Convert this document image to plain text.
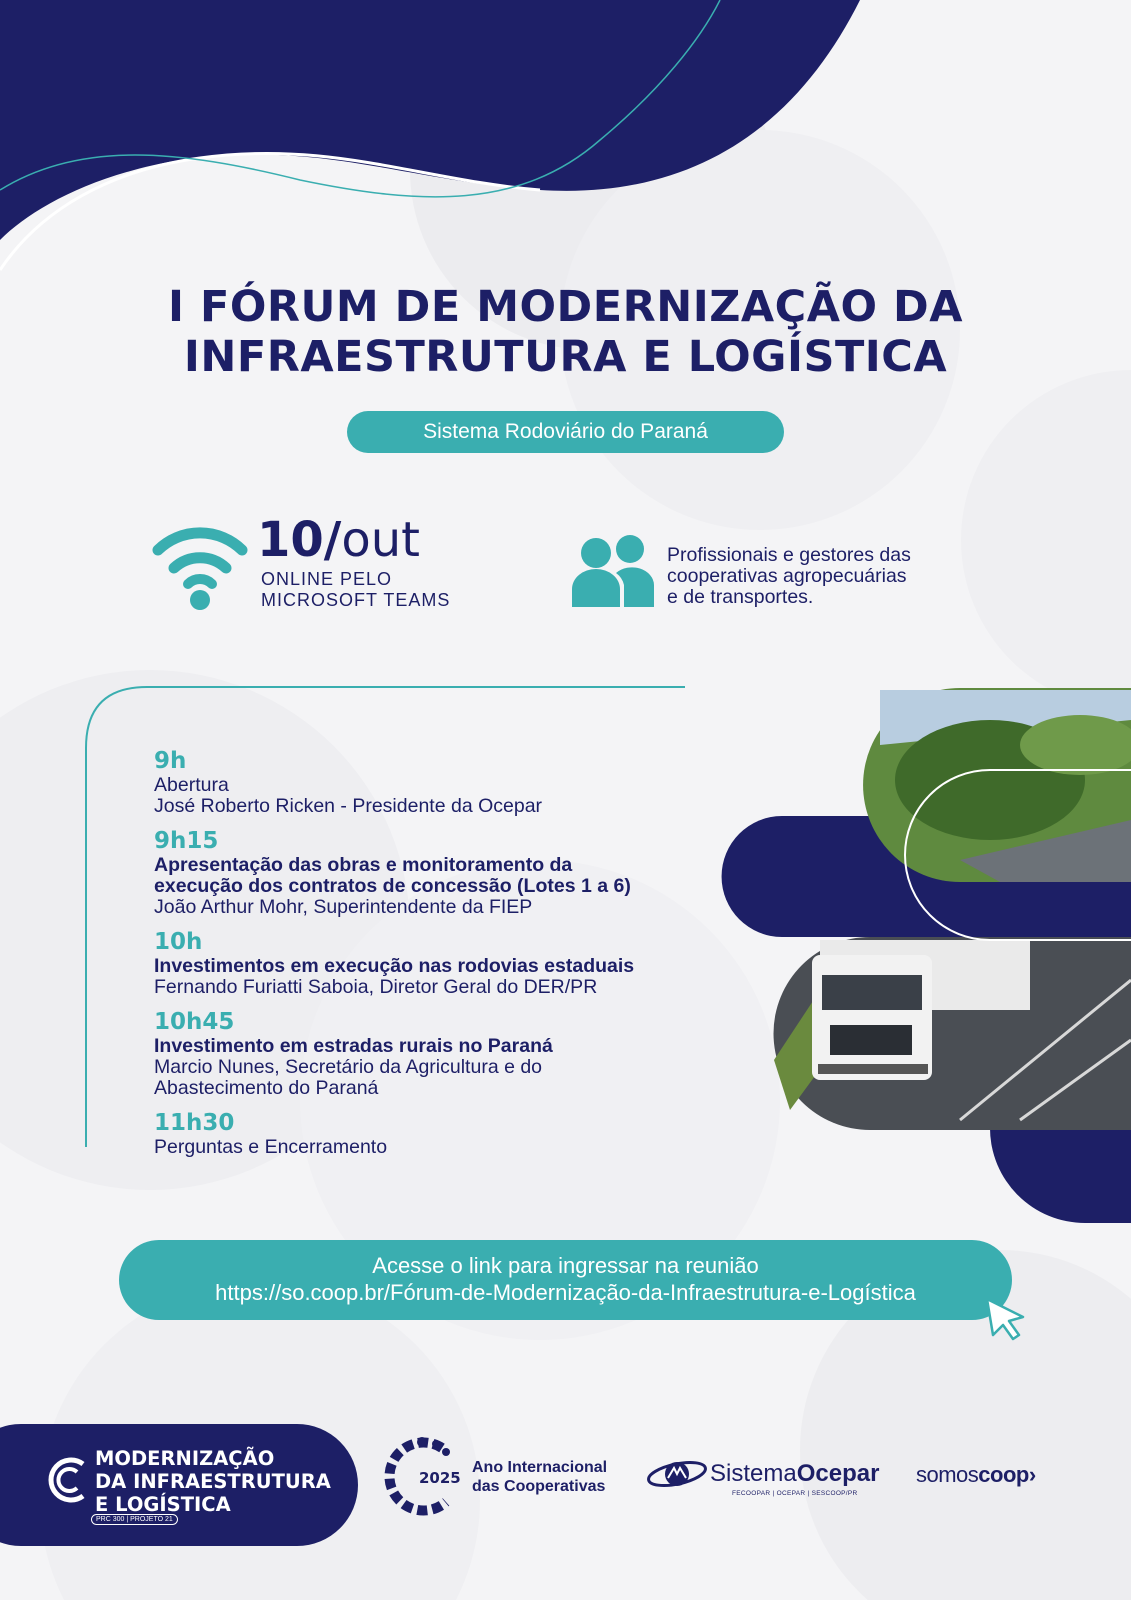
I FÓRUM DE MODERNIZAÇÃO DA
INFRAESTRUTURA E LOGÍSTICA
Sistema Rodoviário do Paraná
10/out
ONLINE PELO
MICROSOFT TEAMS
Profissionais e gestores das
cooperativas agropecuárias
e de transportes.
9h
Abertura
José Roberto Ricken - Presidente da Ocepar
9h15
Apresentação das obras e monitoramento da
execução dos contratos de concessão (Lotes 1 a 6)
João Arthur Mohr, Superintendente da FIEP
10h
Investimentos em execução nas rodovias estaduais
Fernando Furiatti Saboia, Diretor Geral do DER/PR
10h45
Investimento em estradas rurais no Paraná
Marcio Nunes, Secretário da Agricultura e do
Abastecimento do Paraná
11h30
Perguntas e Encerramento
Acesse o link para ingressar na reunião
https://so.coop.br/Fórum-de-Modernização-da-Infraestrutura-e-Logística
MODERNIZAÇÃO
DA INFRAESTRUTURA
E LOGÍSTICA
PRC 300 | PROJETO 21
2025
Ano Internacional
das Cooperativas	SistemaOcepar
FECOOPAR | OCEPAR | SESCOOP/PR
somoscoop›
